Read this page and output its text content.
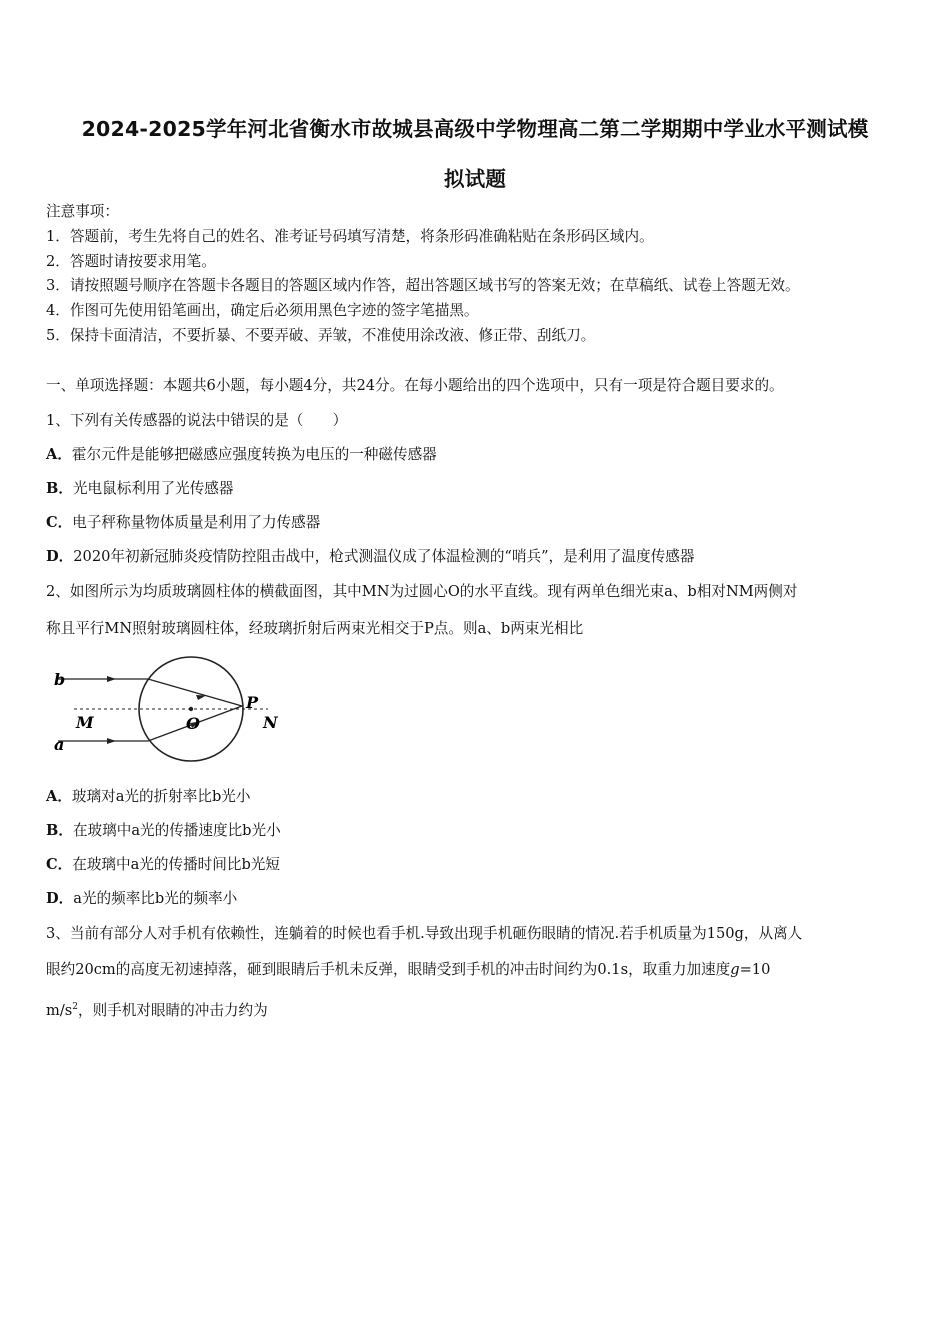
2024-2025学年河北省衡水市故城县高级中学物理高二第二学期期中学业水平测试模
拟试题
注意事项：
1．答题前，考生先将自己的姓名、准考证号码填写清楚，将条形码准确粘贴在条形码区域内。
2．答题时请按要求用笔。
3．请按照题号顺序在答题卡各题目的答题区域内作答，超出答题区域书写的答案无效；在草稿纸、试卷上答题无效。
4．作图可先使用铅笔画出，确定后必须用黑色字迹的签字笔描黑。
5．保持卡面清洁，不要折暴、不要弄破、弄皱，不准使用涂改液、修正带、刮纸刀。
一、单项选择题：本题共6小题，每小题4分，共24分。在每小题给出的四个选项中，只有一项是符合题目要求的。
1、下列有关传感器的说法中错误的是（　　）
A．霍尔元件是能够把磁感应强度转换为电压的一种磁传感器
B．光电鼠标利用了光传感器
C．电子秤称量物体质量是利用了力传感器
D．2020年初新冠肺炎疫情防控阻击战中，枪式测温仪成了体温检测的“哨兵”，是利用了温度传感器
2、如图所示为均质玻璃圆柱体的横截面图，其中MN为过圆心O的水平直线。现有两单色细光束a、b相对NM两侧对
称且平行MN照射玻璃圆柱体，经玻璃折射后两束光相交于P点。则a、b两束光相比
b
a
M	O
P
N
A．玻璃对a光的折射率比b光小
B．在玻璃中a光的传播速度比b光小
C．在玻璃中a光的传播时间比b光短
D．a光的频率比b光的频率小
3、当前有部分人对手机有依赖性，连躺着的时候也看手机.导致出现手机砸伤眼睛的情况.若手机质量为150g，从离人
眼约20cm的高度无初速掉落，砸到眼睛后手机未反弹，眼睛受到手机的冲击时间约为0.1s，取重力加速度g=10
$m/s^2$，则手机对眼睛的冲击力约为
